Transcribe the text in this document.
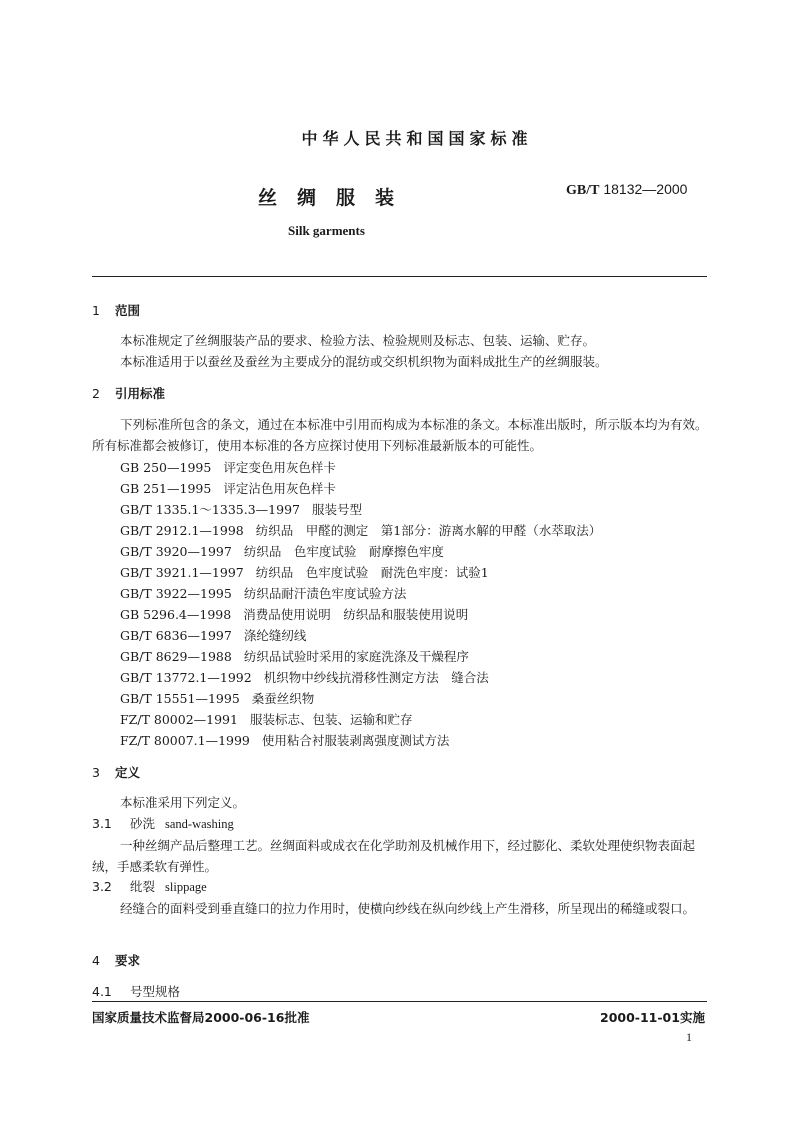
中华人民共和国国家标准
丝绸服装	GB/T 18132—2000
Silk garments
1 范围
本标准规定了丝绸服装产品的要求、检验方法、检验规则及标志、包装、运输、贮存。
本标准适用于以蚕丝及蚕丝为主要成分的混纺或交织机织物为面料成批生产的丝绸服装。
2 引用标准
下列标准所包含的条文，通过在本标准中引用而构成为本标准的条文。本标准出版时，所示版本均为有效。所有标准都会被修订，使用本标准的各方应探讨使用下列标准最新版本的可能性。
GB 250—1995 评定变色用灰色样卡
GB 251—1995 评定沾色用灰色样卡
GB/T 1335.1～1335.3—1997 服装号型
GB/T 2912.1—1998 纺织品　甲醛的测定　第1部分：游离水解的甲醛（水萃取法）
GB/T 3920—1997 纺织品　色牢度试验　耐摩擦色牢度
GB/T 3921.1—1997 纺织品　色牢度试验　耐洗色牢度：试验1
GB/T 3922—1995 纺织品耐汗渍色牢度试验方法
GB 5296.4—1998 消费品使用说明　纺织品和服装使用说明
GB/T 6836—1997 涤纶缝纫线
GB/T 8629—1988 纺织品试验时采用的家庭洗涤及干燥程序
GB/T 13772.1—1992 机织物中纱线抗滑移性测定方法　缝合法
GB/T 15551—1995 桑蚕丝织物
FZ/T 80002—1991 服装标志、包装、运输和贮存
FZ/T 80007.1—1999 使用粘合衬服装剥离强度测试方法
3 定义
本标准采用下列定义。
3.1 砂洗 sand-washing
一种丝绸产品后整理工艺。丝绸面料或成衣在化学助剂及机械作用下，经过膨化、柔软处理使织物表面起绒，手感柔软有弹性。
3.2 纰裂 slippage
经缝合的面料受到垂直缝口的拉力作用时，使横向纱线在纵向纱线上产生滑移，所呈现出的稀缝或裂口。
4 要求
4.1 号型规格
国家质量技术监督局2000-06-16批准	2000-11-01实施
1
